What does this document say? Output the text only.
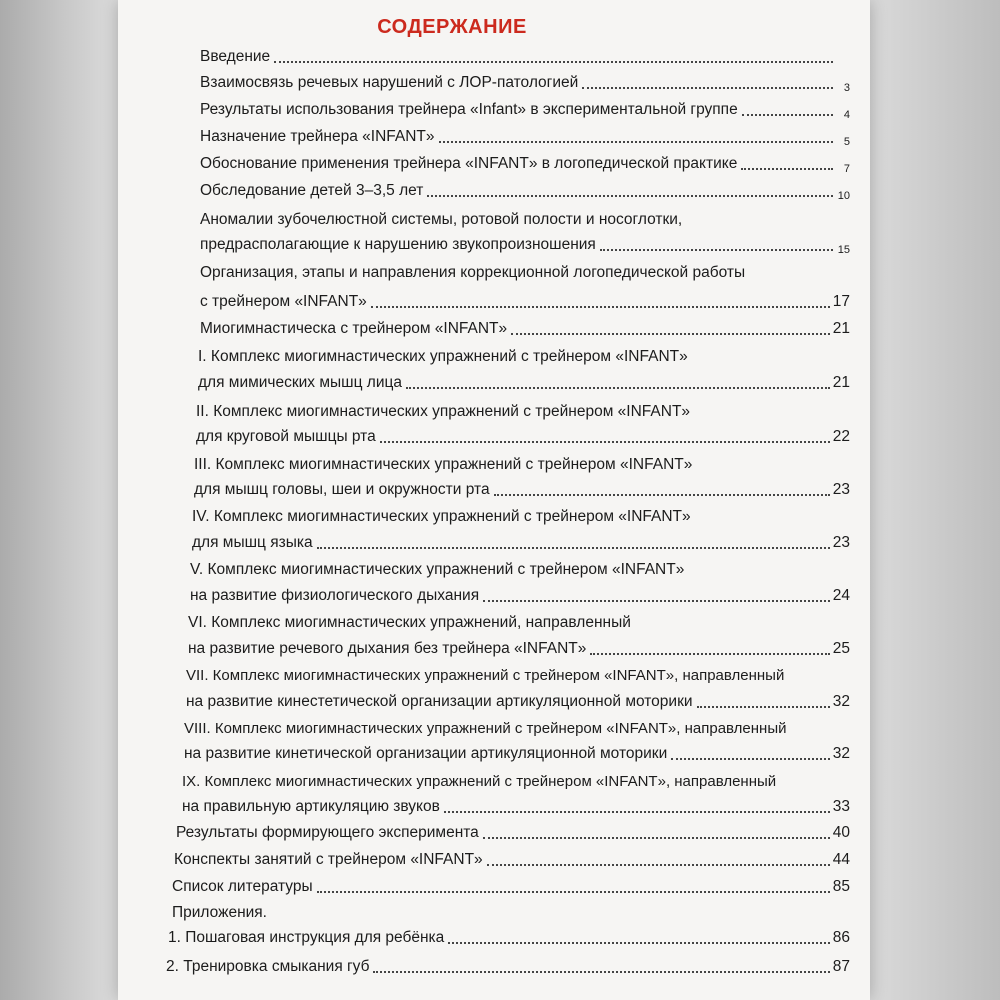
СОДЕРЖАНИЕ
Введение
Взаимосвязь речевых нарушений с ЛОР-патологией	3
Результаты использования трейнера «Infant» в экспериментальной группе	4
Назначение трейнера «INFANT»	5
Обоснование применения трейнера «INFANT» в логопедической практике	7
Обследование детей 3–3,5 лет	10
Аномалии зубочелюстной системы, ротовой полости и носоглотки,
предрасполагающие к нарушению звукопроизношения	15
Организация, этапы и направления коррекционной логопедической работы
с трейнером «INFANT»	17
Миогимнастическа с трейнером «INFANT»	21
I. Комплекс миогимнастических упражнений с трейнером «INFANT»
для мимических мышц лица	21
II. Комплекс миогимнастических упражнений с трейнером «INFANT»
для круговой мышцы рта	22
III. Комплекс миогимнастических упражнений с трейнером «INFANT»
для мышц головы, шеи и окружности рта	23
IV. Комплекс миогимнастических упражнений с трейнером «INFANT»
для мышц языка	23
V. Комплекс миогимнастических упражнений с трейнером «INFANT»
на развитие физиологического дыхания	24
VI. Комплекс миогимнастических упражнений, направленный
на развитие речевого дыхания без трейнера «INFANT»	25
VII. Комплекс миогимнастических упражнений с трейнером «INFANT», направленный
на развитие кинестетической организации артикуляционной моторики	32
VIII. Комплекс миогимнастических упражнений с трейнером «INFANT», направленный
на развитие кинетической организации артикуляционной моторики	32
IX. Комплекс миогимнастических упражнений с трейнером «INFANT», направленный
на правильную артикуляцию звуков	33
Результаты формирующего эксперимента	40
Конспекты занятий с трейнером «INFANT»	44
Список литературы	85
Приложения.
1. Пошаговая инструкция для ребёнка	86
2. Тренировка смыкания губ	87
